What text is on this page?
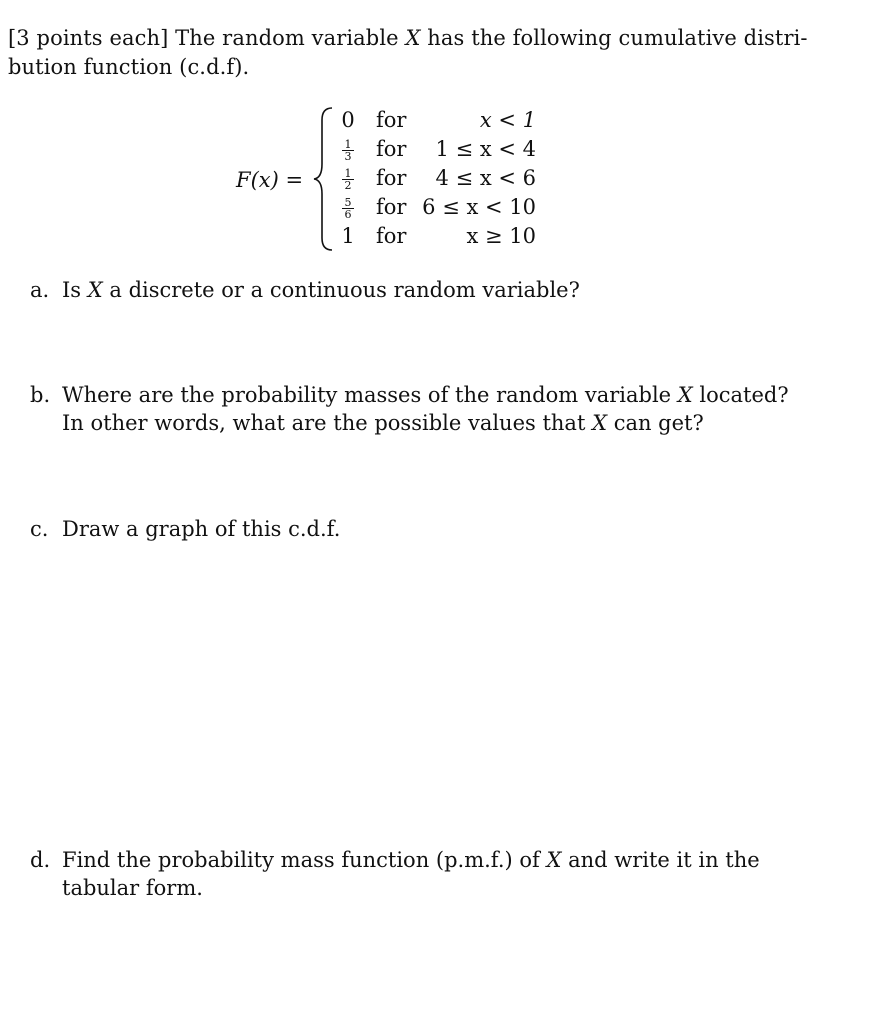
[3 points each] The random variable X has the following cumulative distri-
bution function (c.d.f).
F(x) =
0 for	x < 1
$\frac{1}{3}$ for	1 ≤ x < 4
$\frac{1}{2}$ for	4 ≤ x < 6
$\frac{5}{6}$ for 6 ≤ x < 10
1 for	x ≥ 10
a. Is X a discrete or a continuous random variable?
b. Where are the probability masses of the random variable X located?
In other words, what are the possible values that X can get?
c. Draw a graph of this c.d.f.
d. Find the probability mass function (p.m.f.) of X and write it in the
tabular form.
